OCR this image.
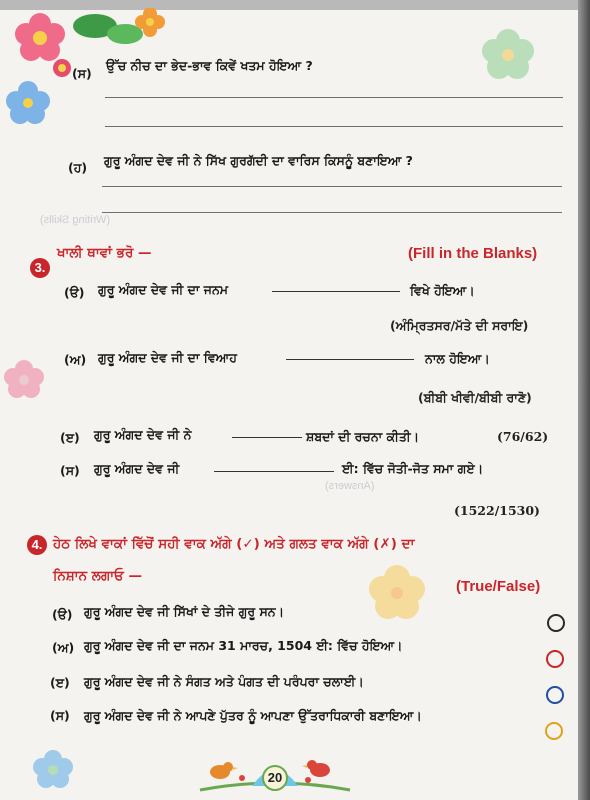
(Writing Skills)
(Answers)
(ਸ)
ਉੱਚ ਨੀਚ ਦਾ ਭੇਦ-ਭਾਵ ਕਿਵੇਂ ਖਤਮ ਹੋਇਆ ?
(ਹ) ਗੁਰੂ ਅੰਗਦ ਦੇਵ ਜੀ ਨੇ ਸਿੱਖ ਗੁਰਗੱਦੀ ਦਾ ਵਾਰਿਸ ਕਿਸਨੂੰ ਬਣਾਇਆ ?
3.
ਖਾਲੀ ਥਾਵਾਂ ਭਰੋ —	(Fill in the Blanks)
(ੳ) ਗੁਰੂ ਅੰਗਦ ਦੇਵ ਜੀ ਦਾ ਜਨਮ	ਵਿਖੇ ਹੋਇਆ।
(ਅੰਮ੍ਰਿਤਸਰ/ਮੱਤੇ ਦੀ ਸਰਾਇ)
(ਅ) ਗੁਰੂ ਅੰਗਦ ਦੇਵ ਜੀ ਦਾ ਵਿਆਹ	ਨਾਲ ਹੋਇਆ।
(ਬੀਬੀ ਖੀਵੀ/ਬੀਬੀ ਰਾਣੋ)
(ੲ) ਗੁਰੂ ਅੰਗਦ ਦੇਵ ਜੀ ਨੇ	ਸ਼ਬਦਾਂ ਦੀ ਰਚਨਾ ਕੀਤੀ।	(76/62)
(ਸ) ਗੁਰੂ ਅੰਗਦ ਦੇਵ ਜੀ	ਈ: ਵਿੱਚ ਜੋਤੀ-ਜੋਤ ਸਮਾ ਗਏ।
(1522/1530)
4. ਹੇਠ ਲਿਖੇ ਵਾਕਾਂ ਵਿੱਚੋਂ ਸਹੀ ਵਾਕ ਅੱਗੇ (✓) ਅਤੇ ਗਲਤ ਵਾਕ ਅੱਗੇ (✗) ਦਾ
ਨਿਸ਼ਾਨ ਲਗਾਓ —
(True/False)
(ੳ) ਗੁਰੂ ਅੰਗਦ ਦੇਵ ਜੀ ਸਿੱਖਾਂ ਦੇ ਤੀਜੇ ਗੁਰੂ ਸਨ।
(ਅ) ਗੁਰੂ ਅੰਗਦ ਦੇਵ ਜੀ ਦਾ ਜਨਮ 31 ਮਾਰਚ, 1504 ਈ: ਵਿੱਚ ਹੋਇਆ।
(ੲ) ਗੁਰੂ ਅੰਗਦ ਦੇਵ ਜੀ ਨੇ ਸੰਗਤ ਅਤੇ ਪੰਗਤ ਦੀ ਪਰੰਪਰਾ ਚਲਾਈ।
(ਸ) ਗੁਰੂ ਅੰਗਦ ਦੇਵ ਜੀ ਨੇ ਆਪਣੇ ਪੁੱਤਰ ਨੂੰ ਆਪਣਾ ਉੱਤਰਾਧਿਕਾਰੀ ਬਣਾਇਆ।
20
